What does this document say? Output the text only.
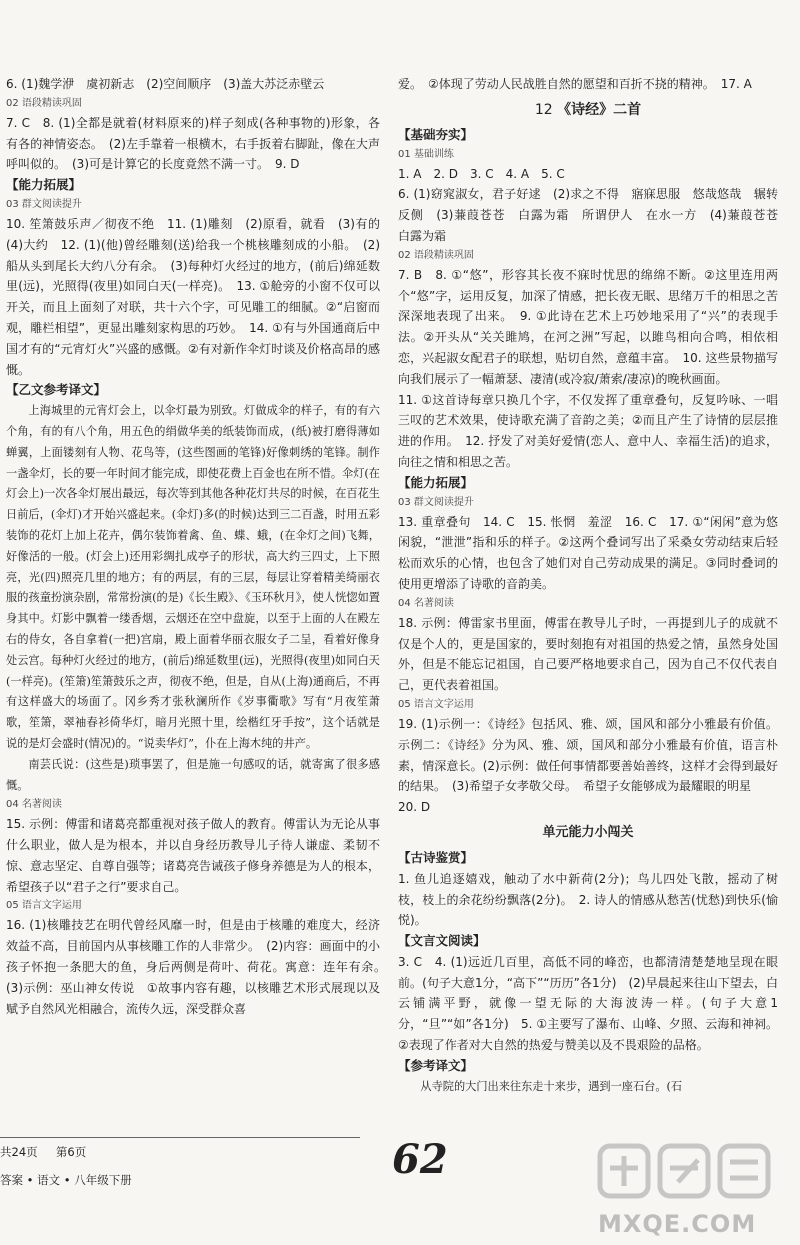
6. (1)魏学洢　虞初新志　(2)空间顺序　(3)盖大苏泛赤壁云

02 语段精读巩固

7. C　8. (1)全都是就着(材料原来的)样子刻成(各种事物的)形象，各有各的神情姿态。　(2)左手靠着一根横木，右手扳着右脚趾，像在大声呼叫似的。　(3)可是计算它的长度竟然不满一寸。　9. D

【能力拓展】

03 群文阅读提升

10. 笙箫鼓乐声／彻夜不绝　11. (1)雕刻　(2)原看，就看　(3)有的　(4)大约　12. (1)(他)曾经雕刻(送)给我一个桃核雕刻成的小船。　(2)船从头到尾长大约八分有余。　(3)每种灯火经过的地方，(前后)绵延数里(远)，光照得(夜里)如同白天(一样亮)。　13. ①舱旁的小窗不仅可以开关，而且上面刻了对联，共十六个字，可见雕工的细腻。②“启窗而观，雕栏相望”，更显出雕刻家构思的巧妙。　14. ①有与外国通商后中国才有的“元宵灯火”兴盛的感慨。②有对新作伞灯时谈及价格高昂的感慨。

【乙文参考译文】

上海城里的元宵灯会上，以伞灯最为别致。灯做成伞的样子，有的有六个角，有的有八个角，用五色的绢做华美的纸装饰而成，(纸)被打磨得薄如蝉翼，上面镂刻有人物、花鸟等，(这些图画的笔锋)好像刺绣的笔锋。制作一盏伞灯，长的要一年时间才能完成，即使花费上百金也在所不惜。伞灯(在灯会上)一次各伞灯展出最远，每次等到其他各种花灯共尽的时候，在百花生日前后，(伞灯)才开始兴盛起来。(伞灯)多(的时候)达到三二百盏，时用五彩装饰的花灯上加上花卉，偶尔装饰着禽、鱼、蝶、蛾，(在伞灯之间)飞舞，好像活的一般。(灯会上)还用彩绸扎成亭子的形状，高大约三四丈，上下照亮，光(四)照亮几里的地方；有的两层，有的三层，每层让穿着精美绮丽衣服的孩童扮演杂剧，常常扮演(的是)《长生殿》、《玉环秋月》，使人恍惚如置身其中。灯影中飘着一缕香烟，云烟还在空中盘旋，以至于上面的人在殿左右的侍女，各自拿着(一把)宫扇，殿上面着华丽衣服女子二呈，看着好像身处云宫。每种灯火经过的地方，(前后)绵延数里(远)，光照得(夜里)如同白天(一样亮)。(笙箫)笙箫鼓乐之声，彻夜不绝，但是，自从(上海)通商后，不再有这样盛大的场面了。冈乡秀才张秋澜所作《岁事衢歌》写有“月夜笙萧歌，笙箫，翠袖春衫倚华灯，暗月光照十里，绘楷红牙手按”，这个话就是说的是灯会盛时(情况)的。“说卖华灯”，仆在上海木纯的井产。

南芸氏说：(这些是)琐事罢了，但是施一句感叹的话，就寄寓了很多感慨。

04 名著阅读

15. 示例：傅雷和诸葛亮都重视对孩子做人的教育。傅雷认为无论从事什么职业，做人是为根本，并以自身经历教导儿子待人谦虚、柔韧不惊、意志坚定、自尊自强等；诸葛亮告诫孩子修身养德是为人的根本，希望孩子以“君子之行”要求自己。

05 语言文字运用

16. (1)核雕技艺在明代曾经风靡一时，但是由于核雕的难度大，经济效益不高，目前国内从事核雕工作的人非常少。　(2)内容：画面中的小孩子怀抱一条肥大的鱼，身后两侧是荷叶、荷花。寓意：连年有余。　(3)示例：巫山神女传说　①故事内容有趣，以核雕艺术形式展现以及赋予自然风光相融合，流传久远，深受群众喜

爱。　②体现了劳动人民战胜自然的愿望和百折不挠的精神。　17. A

12 《诗经》二首

【基础夯实】

01 基础训练

1. A　2. D　3. C　4. A　5. C

6. (1)窈窕淑女，君子好逑　(2)求之不得　寤寐思服　悠哉悠哉　辗转反侧　(3)蒹葭苍苍　白露为霜　所谓伊人　在水一方　(4)蒹葭苍苍　白露为霜

02 语段精读巩固

7. B　8. ①“悠”，形容其长夜不寐时忧思的绵绵不断。②这里连用两个“悠”字，运用反复，加深了情感，把长夜无眠、思绪万千的相思之苦深深地表现了出来。　9. ①此诗在艺术上巧妙地采用了“兴”的表现手法。②开头从“关关雎鸠，在河之洲”写起，以雎鸟相向合鸣，相依相恋，兴起淑女配君子的联想，贴切自然，意蕴丰富。　10. 这些景物描写向我们展示了一幅萧瑟、凄清(或冷寂/萧索/凄凉)的晚秋画面。

11. ①这首诗每章只换几个字，不仅发挥了重章叠句，反复吟咏、一唱三叹的艺术效果，使诗歌充满了音韵之美；②而且产生了诗情的层层推进的作用。　12. 抒发了对美好爱情(恋人、意中人、幸福生活)的追求，向往之情和相思之苦。

【能力拓展】

03 群文阅读提升

13. 重章叠句　14. C　15. 怅惘　羞涩　16. C　17. ①“闲闲”意为悠闲貌，“泄泄”指和乐的样子。②这两个叠词写出了采桑女劳动结束后轻松而欢乐的心情，也包含了她们对自己劳动成果的满足。③同时叠词的使用更增添了诗歌的音韵美。

04 名著阅读

18. 示例：傅雷家书里面，傅雷在教导儿子时，一再提到儿子的成就不仅是个人的，更是国家的，要时刻抱有对祖国的热爱之情，虽然身处国外，但是不能忘记祖国，自己要严格地要求自己，因为自己不仅代表自己，更代表着祖国。

05 语言文字运用

19. (1)示例一：《诗经》包括风、雅、颂，国风和部分小雅最有价值。示例二：《诗经》分为风、雅、颂，国风和部分小雅最有价值，语言朴素，情深意长。(2)示例：做任何事情都要善始善终，这样才会得到最好的结果。　(3)希望子女孝敬父母。　希望子女能够成为最耀眼的明星

20. D

单元能力小闯关

【古诗鉴赏】

1. 鱼儿追逐嬉戏，触动了水中新荷(2分)；鸟儿四处飞散，摇动了树枝，枝上的余花纷纷飘落(2分)。　2. 诗人的情感从愁苦(忧愁)到快乐(愉悦)。

【文言文阅读】

3. C　4. (1)远近几百里，高低不同的峰峦，也都清清楚楚地呈现在眼前。(句子大意1分，“高下”“历历”各1分)　(2)早晨起来往山下望去，白云铺满平野，就像一望无际的大海波涛一样。(句子大意1分，“旦”“如”各1分)　5. ①主要写了瀑布、山峰、夕照、云海和神祠。②表现了作者对大自然的热爱与赞美以及不畏艰险的品格。

【参考译文】

从寺院的大门出来往东走十来步，遇到一座石台。(石

共24页 第6页
答案 • 语文 • 八年级下册	62
MXQE.COM
